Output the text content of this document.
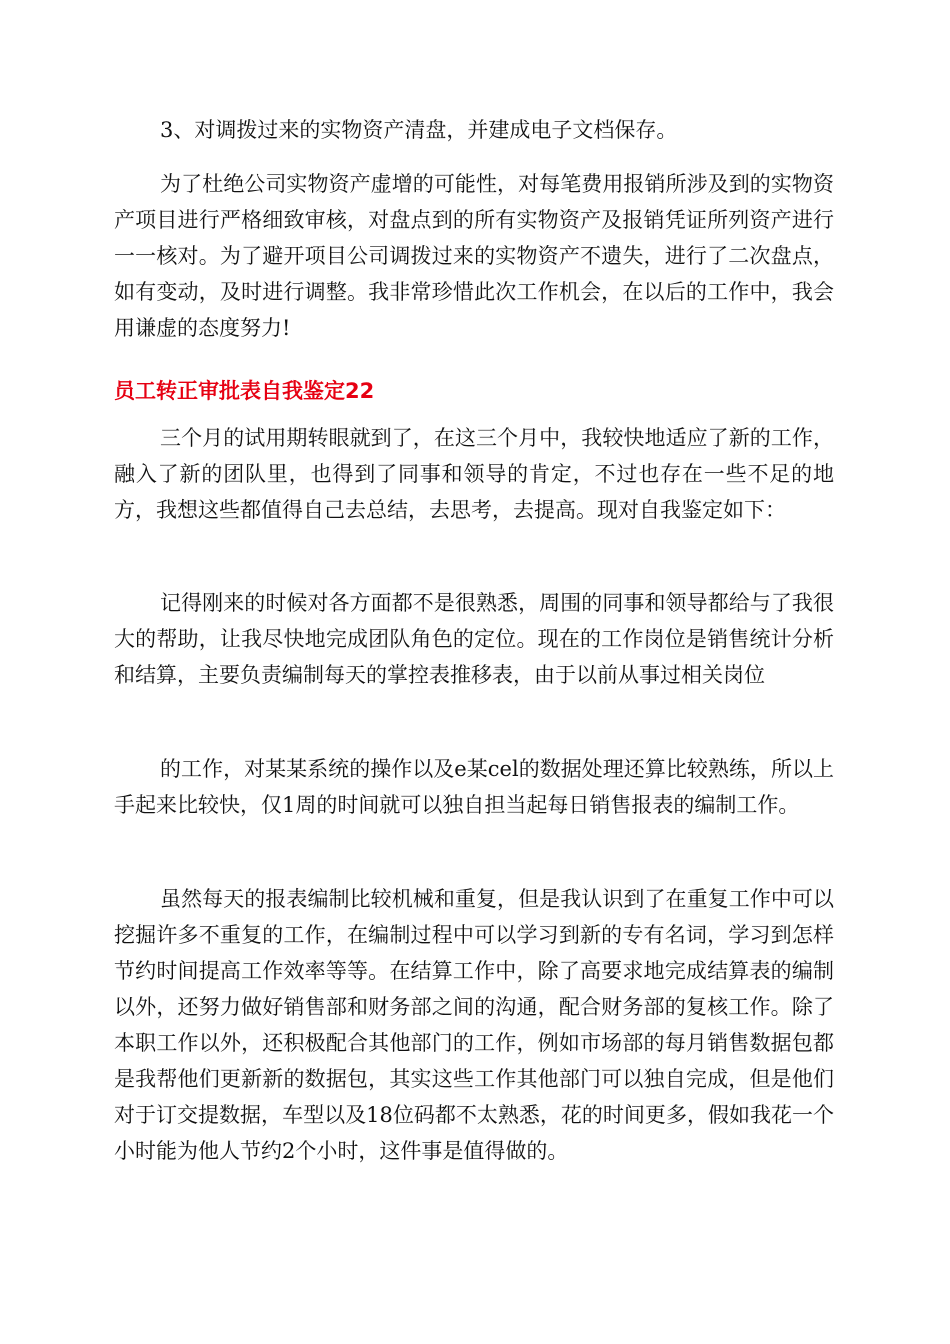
3、对调拨过来的实物资产清盘，并建成电子文档保存。

为了杜绝公司实物资产虚增的可能性，对每笔费用报销所涉及到的实物资产项目进行严格细致审核，对盘点到的所有实物资产及报销凭证所列资产进行一一核对。为了避开项目公司调拨过来的实物资产不遗失，进行了二次盘点，如有变动，及时进行调整。我非常珍惜此次工作机会，在以后的工作中，我会用谦虚的态度努力!

员工转正审批表自我鉴定22

三个月的试用期转眼就到了，在这三个月中，我较快地适应了新的工作，融入了新的团队里，也得到了同事和领导的肯定，不过也存在一些不足的地方，我想这些都值得自己去总结，去思考，去提高。现对自我鉴定如下：

记得刚来的时候对各方面都不是很熟悉，周围的同事和领导都给与了我很大的帮助，让我尽快地完成团队角色的定位。现在的工作岗位是销售统计分析和结算，主要负责编制每天的掌控表推移表，由于以前从事过相关岗位

的工作，对某某系统的操作以及e某cel的数据处理还算比较熟练，所以上手起来比较快，仅1周的时间就可以独自担当起每日销售报表的编制工作。

虽然每天的报表编制比较机械和重复，但是我认识到了在重复工作中可以挖掘许多不重复的工作，在编制过程中可以学习到新的专有名词，学习到怎样节约时间提高工作效率等等。在结算工作中，除了高要求地完成结算表的编制以外，还努力做好销售部和财务部之间的沟通，配合财务部的复核工作。除了本职工作以外，还积极配合其他部门的工作，例如市场部的每月销售数据包都是我帮他们更新新的数据包，其实这些工作其他部门可以独自完成，但是他们对于订交提数据，车型以及18位码都不太熟悉，花的时间更多，假如我花一个小时能为他人节约2个小时，这件事是值得做的。
